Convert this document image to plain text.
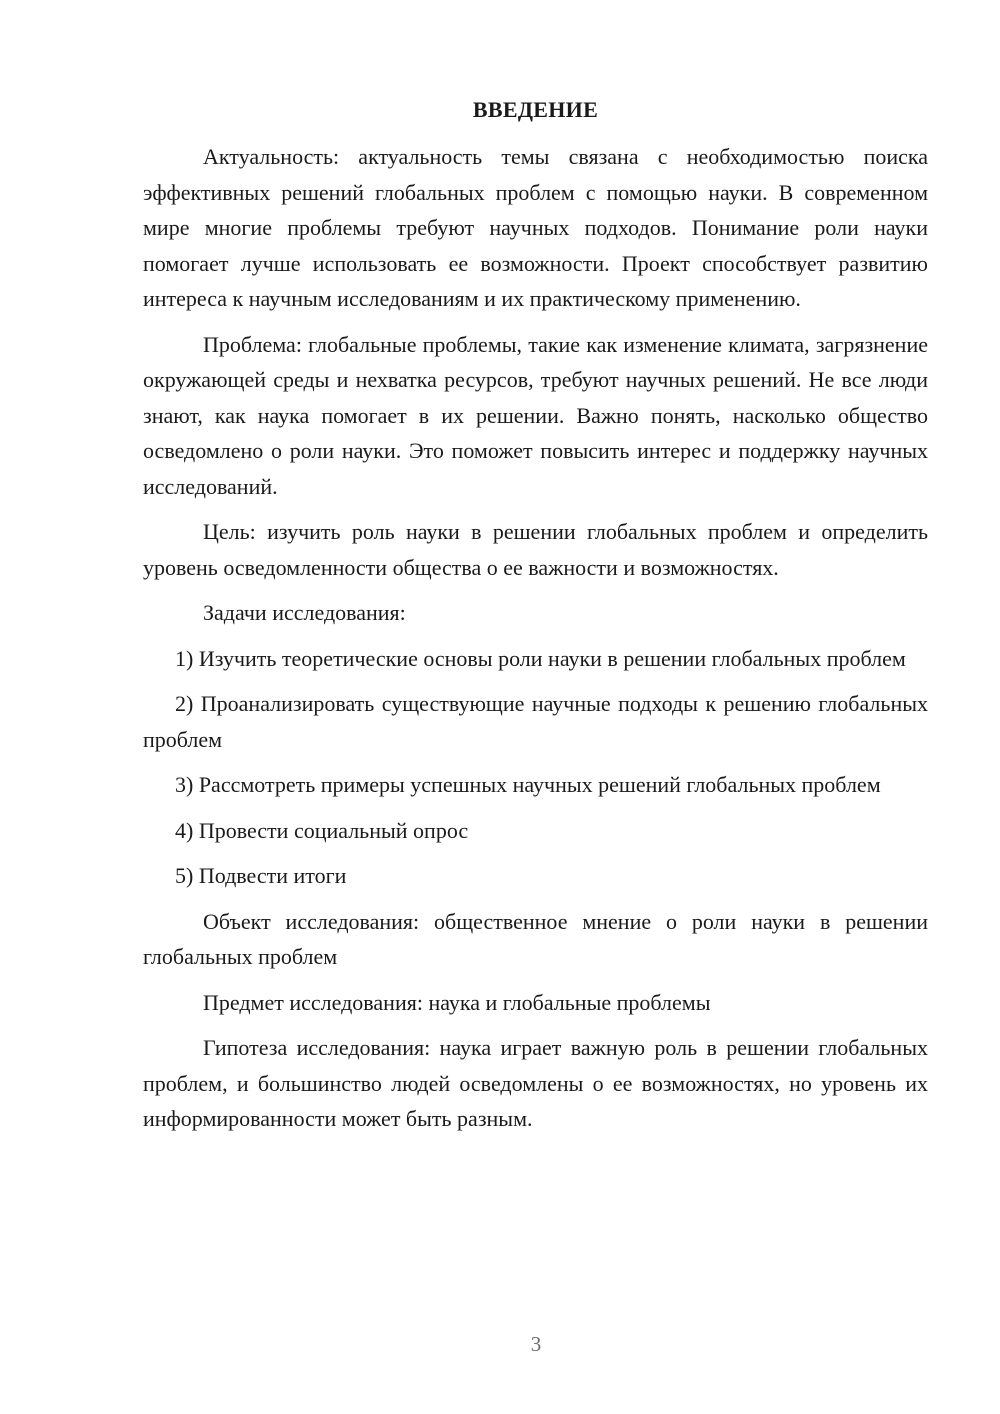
ВВЕДЕНИЕ

Актуальность: актуальность темы связана с необходимостью поиска эффективных решений глобальных проблем с помощью науки. В современном мире многие проблемы требуют научных подходов. Понимание роли науки помогает лучше использовать ее возможности. Проект способствует развитию интереса к научным исследованиям и их практическому применению.

Проблема: глобальные проблемы, такие как изменение климата, загрязнение окружающей среды и нехватка ресурсов, требуют научных решений. Не все люди знают, как наука помогает в их решении. Важно понять, насколько общество осведомлено о роли науки. Это поможет повысить интерес и поддержку научных исследований.

Цель: изучить роль науки в решении глобальных проблем и определить уровень осведомленности общества о ее важности и возможностях.

Задачи исследования:

1) Изучить теоретические основы роли науки в решении глобальных проблем

2) Проанализировать существующие научные подходы к решению глобальных проблем

3) Рассмотреть примеры успешных научных решений глобальных проблем

4) Провести социальный опрос

5) Подвести итоги

Объект исследования: общественное мнение о роли науки в решении глобальных проблем

Предмет исследования: наука и глобальные проблемы

Гипотеза исследования: наука играет важную роль в решении глобальных проблем, и большинство людей осведомлены о ее возможностях, но уровень их информированности может быть разным.

3
